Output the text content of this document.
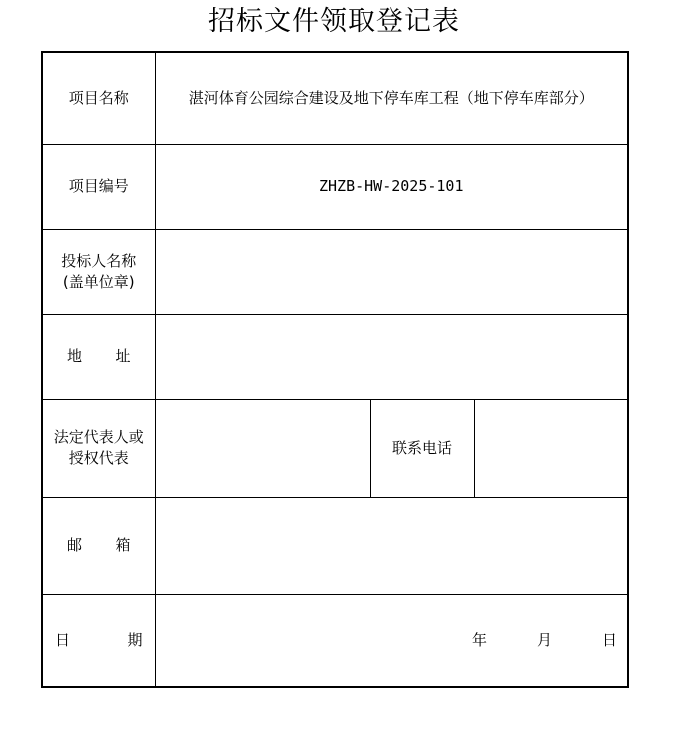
招标文件领取登记表
项目名称	湛河体育公园综合建设及地下停车库工程（地下停车库部分）		
项目编号	ZHZB-HW-2025-101		

投标人名称
(盖单位章)			

地 址			

法定代表人或
授权代表		联系电话	

邮 箱			

日 期	年 月 日		
